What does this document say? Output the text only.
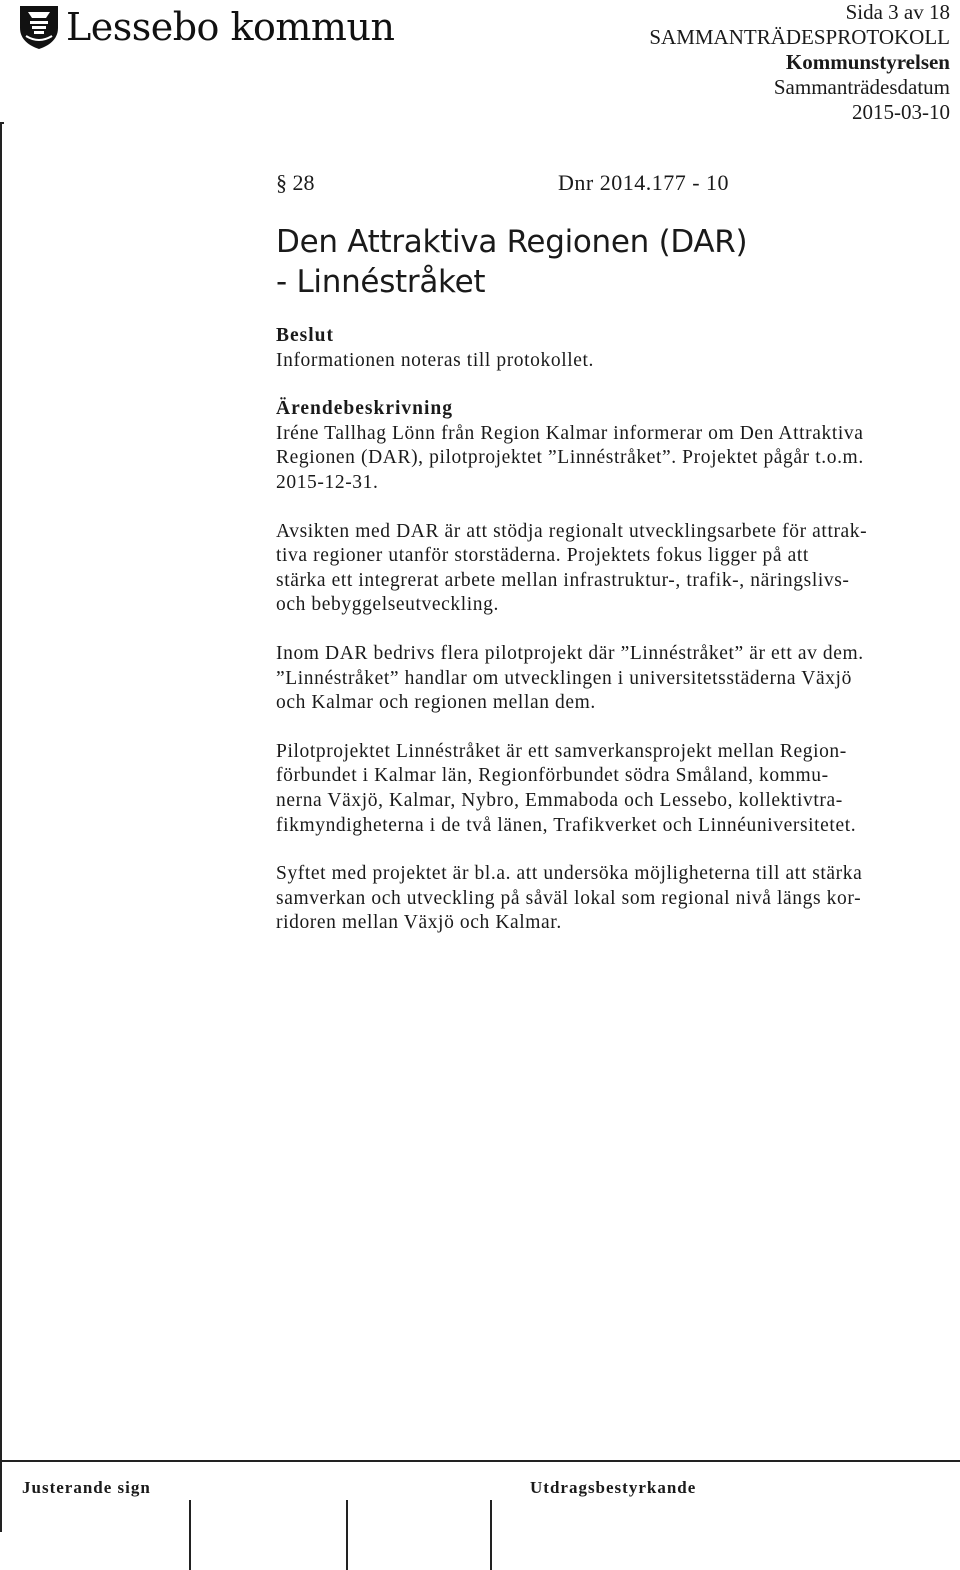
Lessebo kommun	Sida 3 av 18
SAMMANTRÄDESPROTOKOLL
Kommunstyrelsen
Sammanträdesdatum
2015-03-10
§ 28	Dnr 2014.177 - 10
Den Attraktiva Regionen (DAR)
- Linnéstråket
Beslut
Informationen noteras till protokollet.
Ärendebeskrivning
Iréne Tallhag Lönn från Region Kalmar informerar om Den Attraktiva
Regionen (DAR), pilotprojektet ”Linnéstråket”. Projektet pågår t.o.m.
2015-12-31.
Avsikten med DAR är att stödja regionalt utvecklingsarbete för attrak-
tiva regioner utanför storstäderna. Projektets fokus ligger på att
stärka ett integrerat arbete mellan infrastruktur-, trafik-, näringslivs-
och bebyggelseutveckling.
Inom DAR bedrivs flera pilotprojekt där ”Linnéstråket” är ett av dem.
”Linnéstråket” handlar om utvecklingen i universitetsstäderna Växjö
och Kalmar och regionen mellan dem.
Pilotprojektet Linnéstråket är ett samverkansprojekt mellan Region-
förbundet i Kalmar län, Regionförbundet södra Småland, kommu-
nerna Växjö, Kalmar, Nybro, Emmaboda och Lessebo, kollektivtra-
fikmyndigheterna i de två länen, Trafikverket och Linnéuniversitetet.
Syftet med projektet är bl.a. att undersöka möjligheterna till att stärka
samverkan och utveckling på såväl lokal som regional nivå längs kor-
ridoren mellan Växjö och Kalmar.
Justerande sign	Utdragsbestyrkande
